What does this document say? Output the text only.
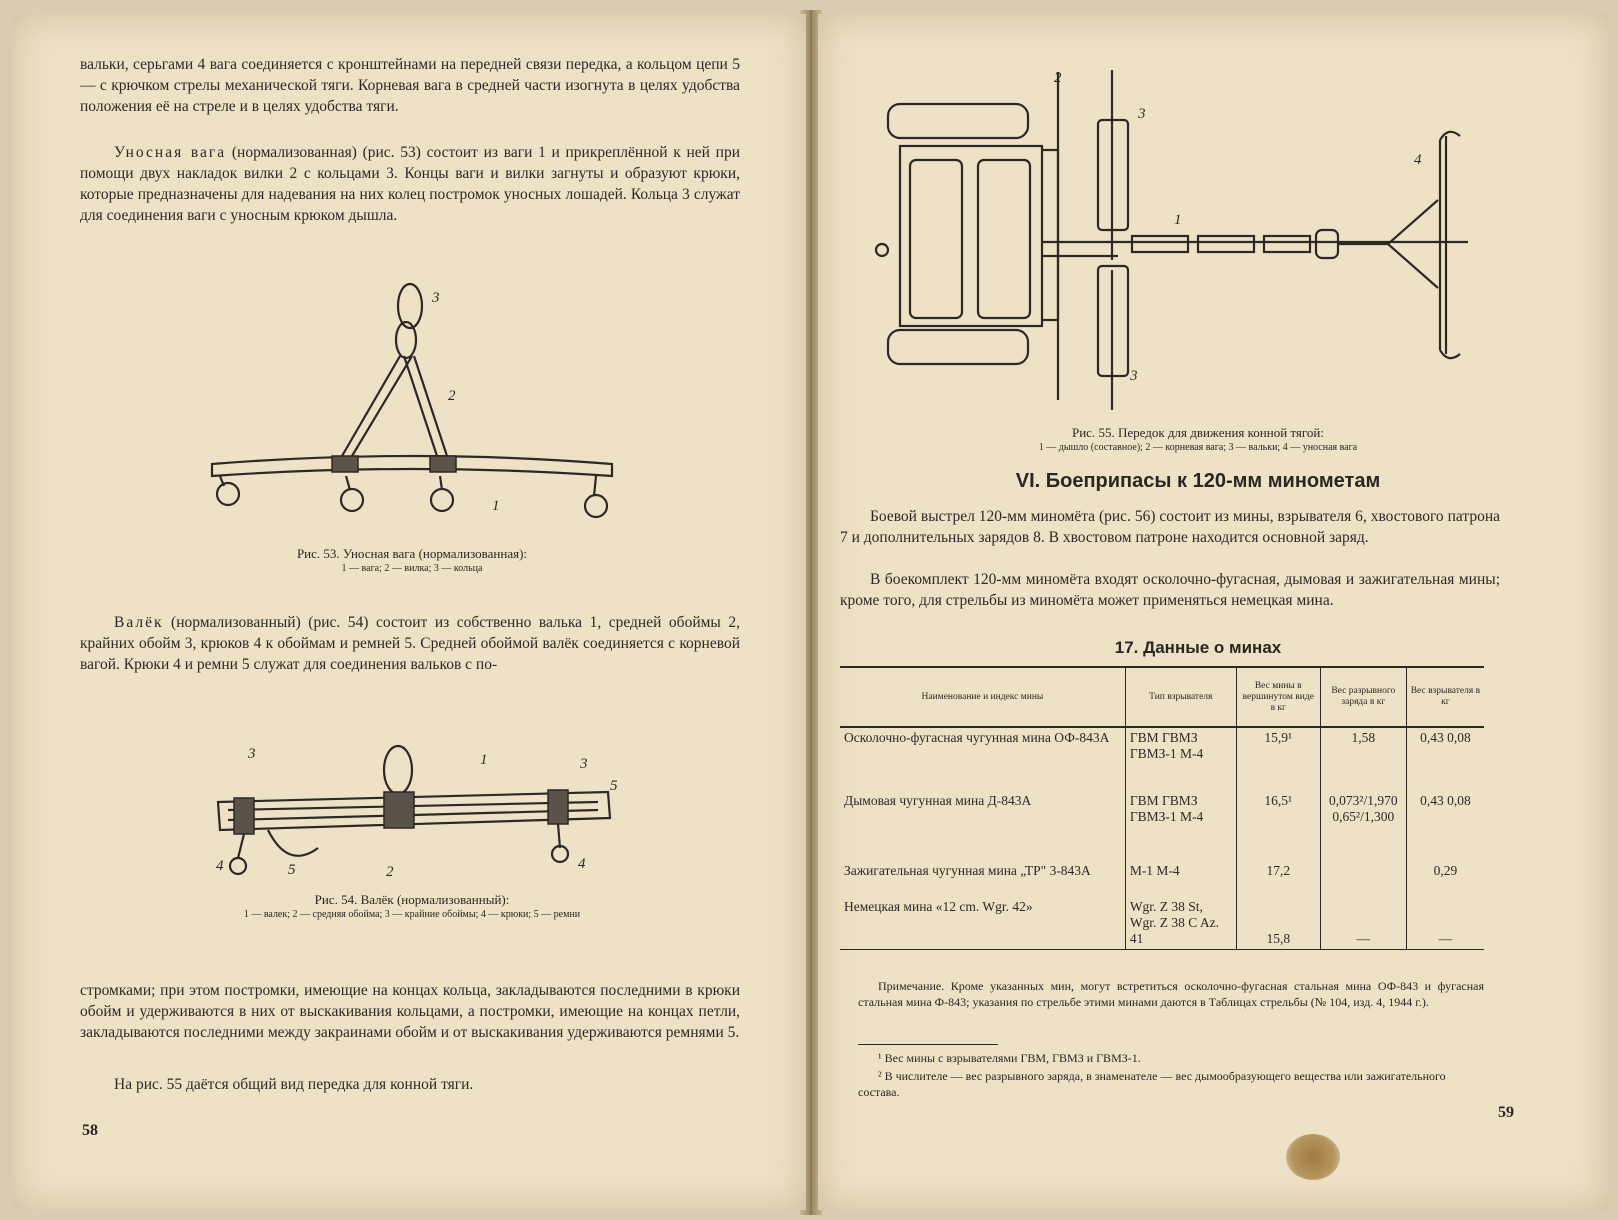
вальки, серьгами 4 вага соединяется с кронштейнами на передней связи передка, а кольцом цепи 5 — с крючком стрелы механической тяги. Корневая вага в средней части изогнута в целях удобства положения её на стреле и в целях удобства тяги.

Уносная вага (нормализованная) (рис. 53) состоит из ваги 1 и прикреплённой к ней при помощи двух накладок вилки 2 с кольцами 3. Концы ваги и вилки загнуты и образуют крюки, которые предназначены для надевания на них колец постромок уносных лошадей. Кольца 3 служат для соединения ваги с уносным крюком дышла.

3
2
1

Рис. 53. Уносная вага (нормализованная):
1 — вага; 2 — вилка; 3 — кольца

Валёк (нормализованный) (рис. 54) состоит из собственно валька 1, средней обоймы 2, крайних обойм 3, крюков 4 к обоймам и ремней 5. Средней обоймой валёк соединяется с корневой вагой. Крюки 4 и ремни 5 служат для соединения вальков с по-

3	1	3
5
4	5	2	4

Рис. 54. Валёк (нормализованный):
1 — валек; 2 — средняя обойма; 3 — крайние обоймы; 4 — крюки; 5 — ремни

стромками; при этом постромки, имеющие на концах кольца, закладываются последними в крюки обойм и удерживаются в них от выскакивания кольцами, а постромки, имеющие на концах петли, закладываются последними между закраинами обойм и от выскакивания удерживаются ремнями 5.

На рис. 55 даётся общий вид передка для конной тяги.

58
2
3
4
1
3

Рис. 55. Передок для движения конной тягой:
1 — дышло (составное); 2 — корневая вага; 3 — вальки; 4 — уносная вага

VI. Боеприпасы к 120-мм минометам

Боевой выстрел 120-мм миномёта (рис. 56) состоит из мины, взрывателя 6, хвостового патрона 7 и дополнительных зарядов 8. В хвостовом патроне находится основной заряд.

В боекомплект 120-мм миномёта входят осколочно-фугасная, дымовая и зажигательная мины; кроме того, для стрельбы из миномёта может применяться немецкая мина.

17. Данные о минах
Наименование и индекс мины	Тип взрывателя	Вес мины в вершинутом виде в кг	Вес разрывного заряда в кг	Вес взрывателя в кг
Осколочно-фугасная чугунная мина ОФ-843А	ГВМ ГВМЗ ГВМЗ-1 М-4	15,9¹	1,58	0,43 0,08
Дымовая чугунная мина Д-843А	ГВМ ГВМЗ ГВМЗ-1 М-4	16,5¹	0,073²/1,970 0,65²/1,300	0,43 0,08
Зажигательная чугунная мина „ТР" 3-843А	М-1 М-4	17,2		0,29
Немецкая мина «12 cm. Wgr. 42»	Wgr. Z 38 St, Wgr. Z 38 C Az. 41	15,8	—	—

Примечание. Кроме указанных мин, могут встретиться осколочно-фугасная стальная мина ОФ-843 и фугасная стальная мина Ф-843; указания по стрельбе этими минами даются в Таблицах стрельбы (№ 104, изд. 4, 1944 г.).

¹ Вес мины с взрывателями ГВМ, ГВМЗ и ГВМЗ-1.

² В числителе — вес разрывного заряда, в знаменателе — вес дымообразующего вещества или зажигательного состава.

59
